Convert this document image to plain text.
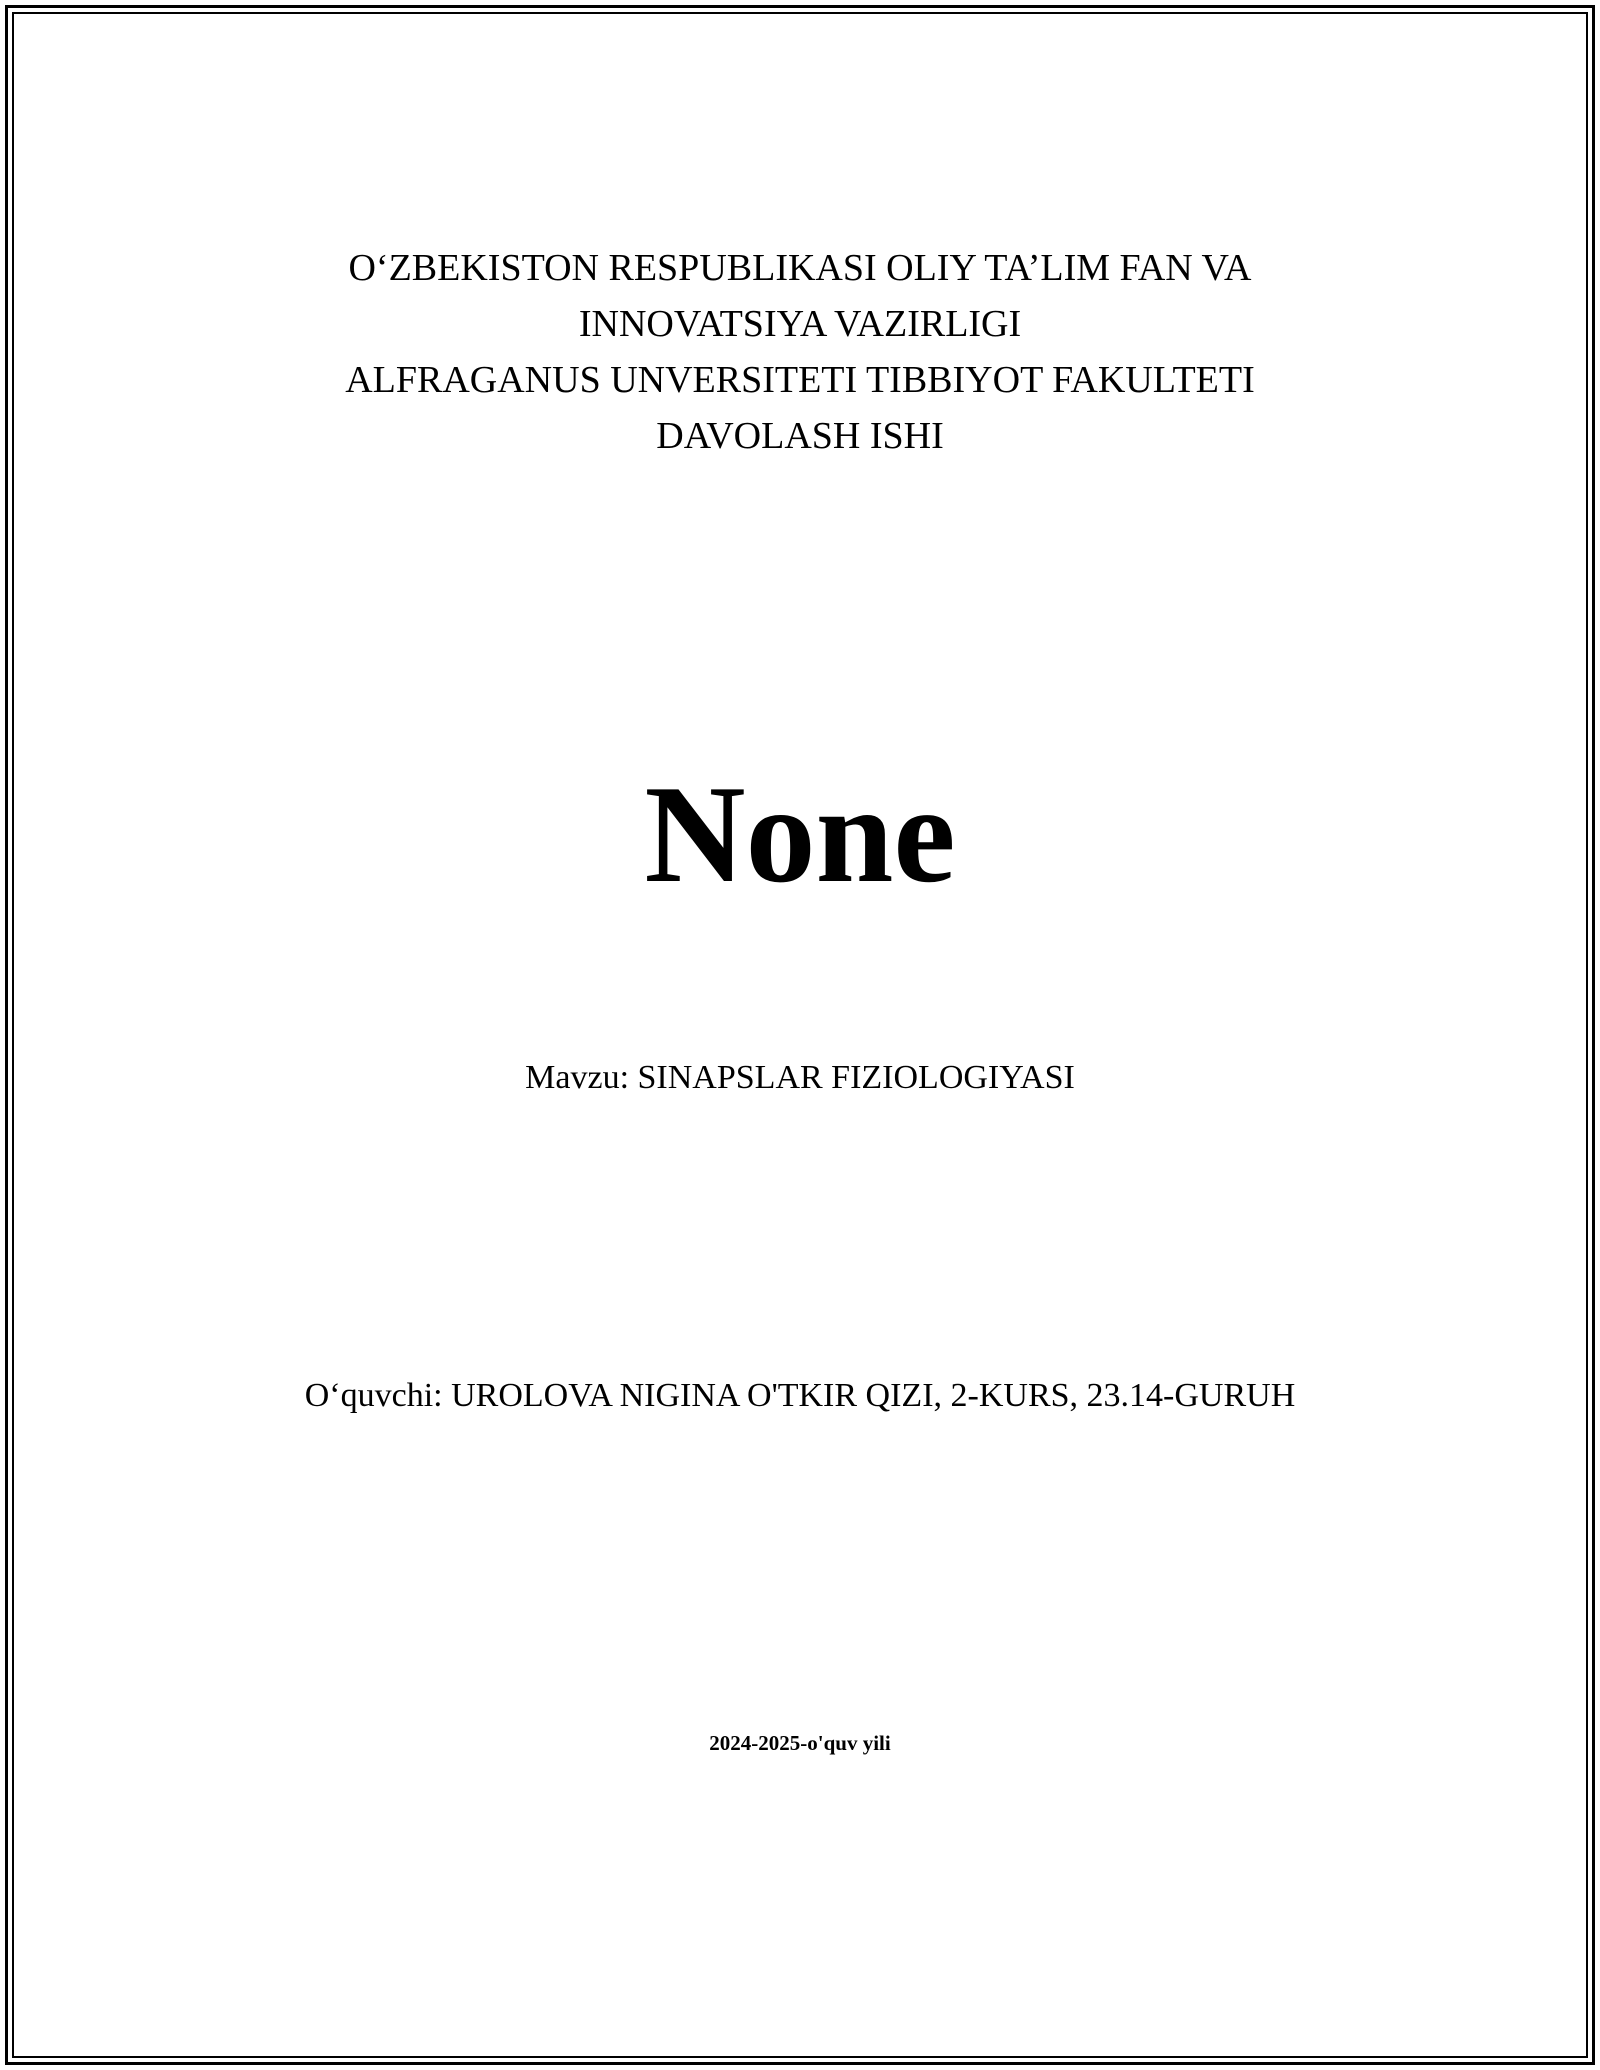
O‘ZBEKISTON RESPUBLIKASI OLIY TA’LIM FAN VA
INNOVATSIYA VAZIRLIGI
ALFRAGANUS UNVERSITETI TIBBIYOT FAKULTETI
DAVOLASH ISHI
None
Mavzu: SINAPSLAR FIZIOLOGIYASI
O‘quvchi: UROLOVA NIGINA O'TKIR QIZI, 2-KURS, 23.14-GURUH
2024-2025-o'quv yili
